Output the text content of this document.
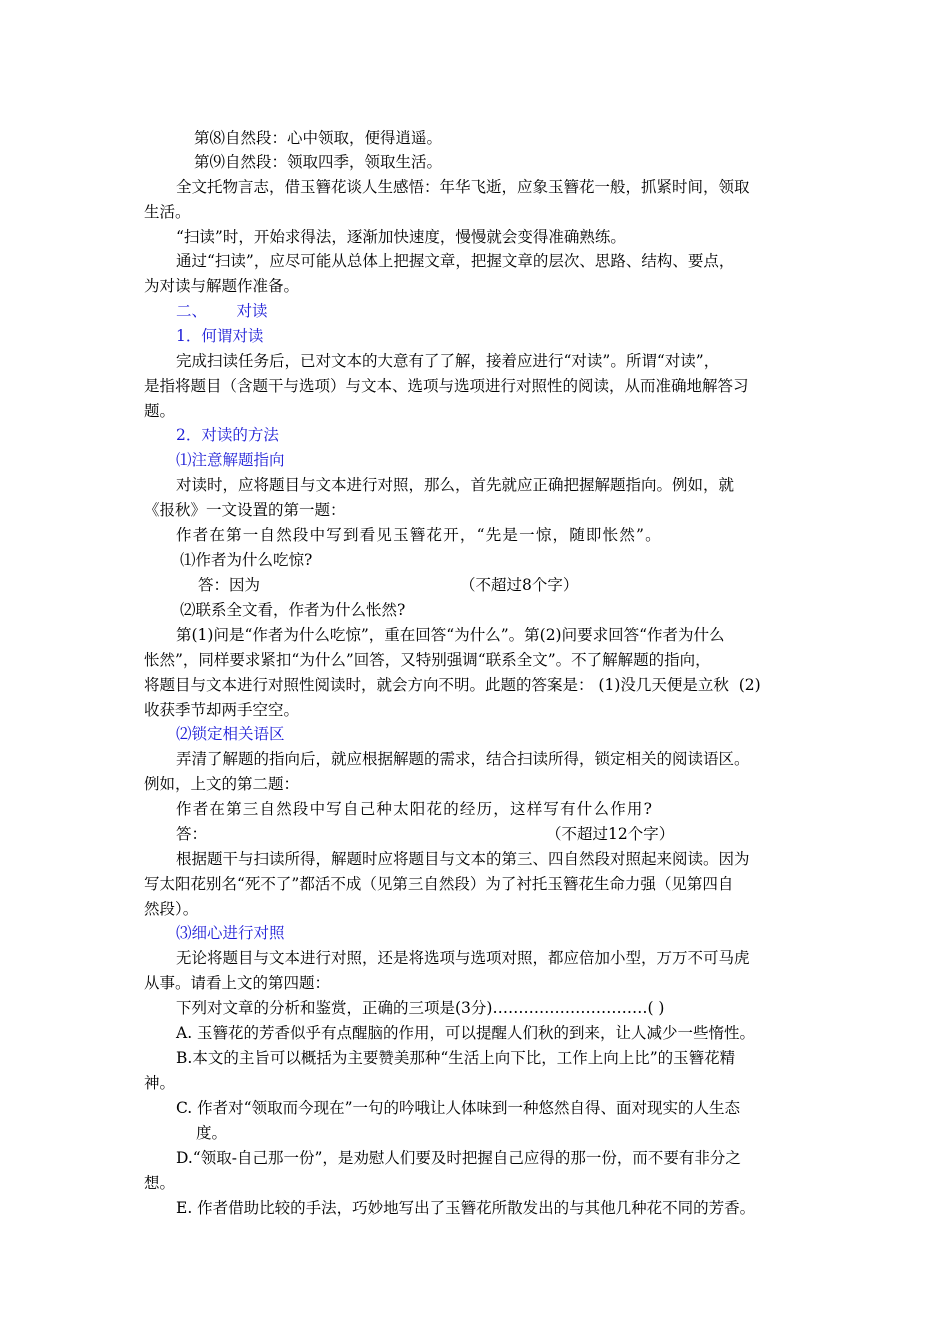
第⑻自然段：心中领取，便得逍遥。
第⑼自然段：领取四季，领取生活。
全文托物言志，借玉簪花谈人生感悟：年华飞逝，应象玉簪花一般，抓紧时间，领取
生活。
“扫读”时，开始求得法，逐渐加快速度，慢慢就会变得准确熟练。
通过“扫读”，应尽可能从总体上把握文章，把握文章的层次、思路、结构、要点，
为对读与解题作准备。
二、      对读
1．何谓对读
完成扫读任务后，已对文本的大意有了了解，接着应进行“对读”。所谓“对读”，
是指将题目（含题干与选项）与文本、选项与选项进行对照性的阅读，从而准确地解答习
题。
2．对读的方法
⑴注意解题指向
对读时，应将题目与文本进行对照，那么，首先就应正确把握解题指向。例如，就
《报秋》一文设置的第一题：
作者在第一自然段中写到看见玉簪花开，“先是一惊，随即怅然”。
⑴作者为什么吃惊?
答：因为	（不超过8个字）
⑵联系全文看，作者为什么怅然?
第(1)问是“作者为什么吃惊”，重在回答“为什么”。第(2)问要求回答“作者为什么
怅然”，同样要求紧扣“为什么”回答，又特别强调“联系全文”。不了解解题的指向，
将题目与文本进行对照性阅读时，就会方向不明。此题的答案是： (1)没几天便是立秋  (2)
收获季节却两手空空。
⑵锁定相关语区
弄清了解题的指向后，就应根据解题的需求，结合扫读所得，锁定相关的阅读语区。
例如，上文的第二题：
作者在第三自然段中写自己种太阳花的经历，这样写有什么作用?
答：	（不超过12个字）
根据题干与扫读所得，解题时应将题目与文本的第三、四自然段对照起来阅读。因为
写太阳花别名“死不了”都活不成（见第三自然段）为了衬托玉簪花生命力强（见第四自
然段）。
⑶细心进行对照
无论将题目与文本进行对照，还是将选项与选项对照，都应倍加小型，万万不可马虎
从事。请看上文的第四题：
下列对文章的分析和鉴赏，正确的三项是(3分)…………………………( )
A. 玉簪花的芳香似乎有点醒脑的作用，可以提醒人们秋的到来，让人减少一些惰性。
B.本文的主旨可以概括为主要赞美那种“生活上向下比，工作上向上比”的玉簪花精
神。
C. 作者对“领取而今现在”一句的吟哦让人体味到一种悠然自得、面对现实的人生态
度。
D.“领取-自己那一份”，是劝慰人们要及时把握自己应得的那一份，而不要有非分之
想。
E. 作者借助比较的手法，巧妙地写出了玉簪花所散发出的与其他几种花不同的芳香。
